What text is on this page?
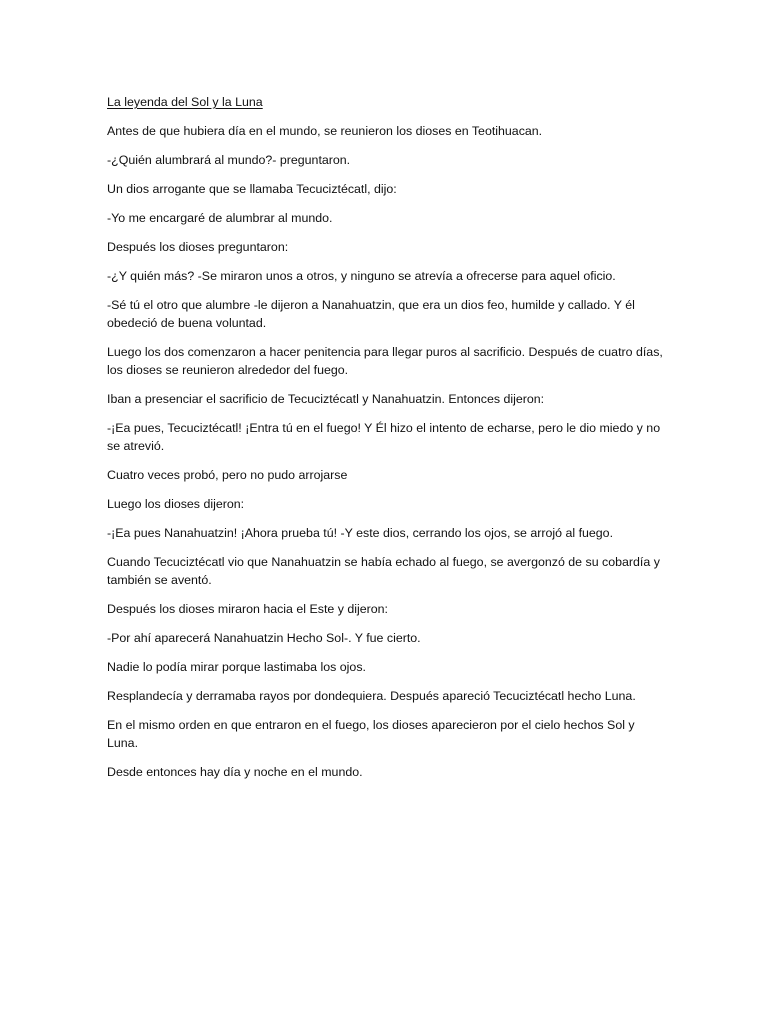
La leyenda del Sol y la Luna
Antes de que hubiera día en el mundo, se reunieron los dioses en Teotihuacan.
-¿Quién alumbrará al mundo?- preguntaron.
Un dios arrogante que se llamaba Tecuciztécatl, dijo:
-Yo me encargaré de alumbrar al mundo.
Después los dioses preguntaron:
-¿Y quién más? -Se miraron unos a otros, y ninguno se atrevía a ofrecerse para aquel oficio.
-Sé tú el otro que alumbre -le dijeron a Nanahuatzin, que era un dios feo, humilde y callado. Y él obedeció de buena voluntad.
Luego los dos comenzaron a hacer penitencia para llegar puros al sacrificio. Después de cuatro días, los dioses se reunieron alrededor del fuego.
Iban a presenciar el sacrificio de Tecuciztécatl y Nanahuatzin. Entonces dijeron:
-¡Ea pues, Tecuciztécatl! ¡Entra tú en el fuego! Y Él hizo el intento de echarse, pero le dio miedo y no se atrevió.
Cuatro veces probó, pero no pudo arrojarse
Luego los dioses dijeron:
-¡Ea pues Nanahuatzin! ¡Ahora prueba tú! -Y este dios, cerrando los ojos, se arrojó al fuego.
Cuando Tecuciztécatl vio que Nanahuatzin se había echado al fuego, se avergonzó de su cobardía y también se aventó.
Después los dioses miraron hacia el Este y dijeron:
-Por ahí aparecerá Nanahuatzin Hecho Sol-. Y fue cierto.
Nadie lo podía mirar porque lastimaba los ojos.
Resplandecía y derramaba rayos por dondequiera. Después apareció Tecuciztécatl hecho Luna.
En el mismo orden en que entraron en el fuego, los dioses aparecieron por el cielo hechos Sol y Luna.
Desde entonces hay día y noche en el mundo.
